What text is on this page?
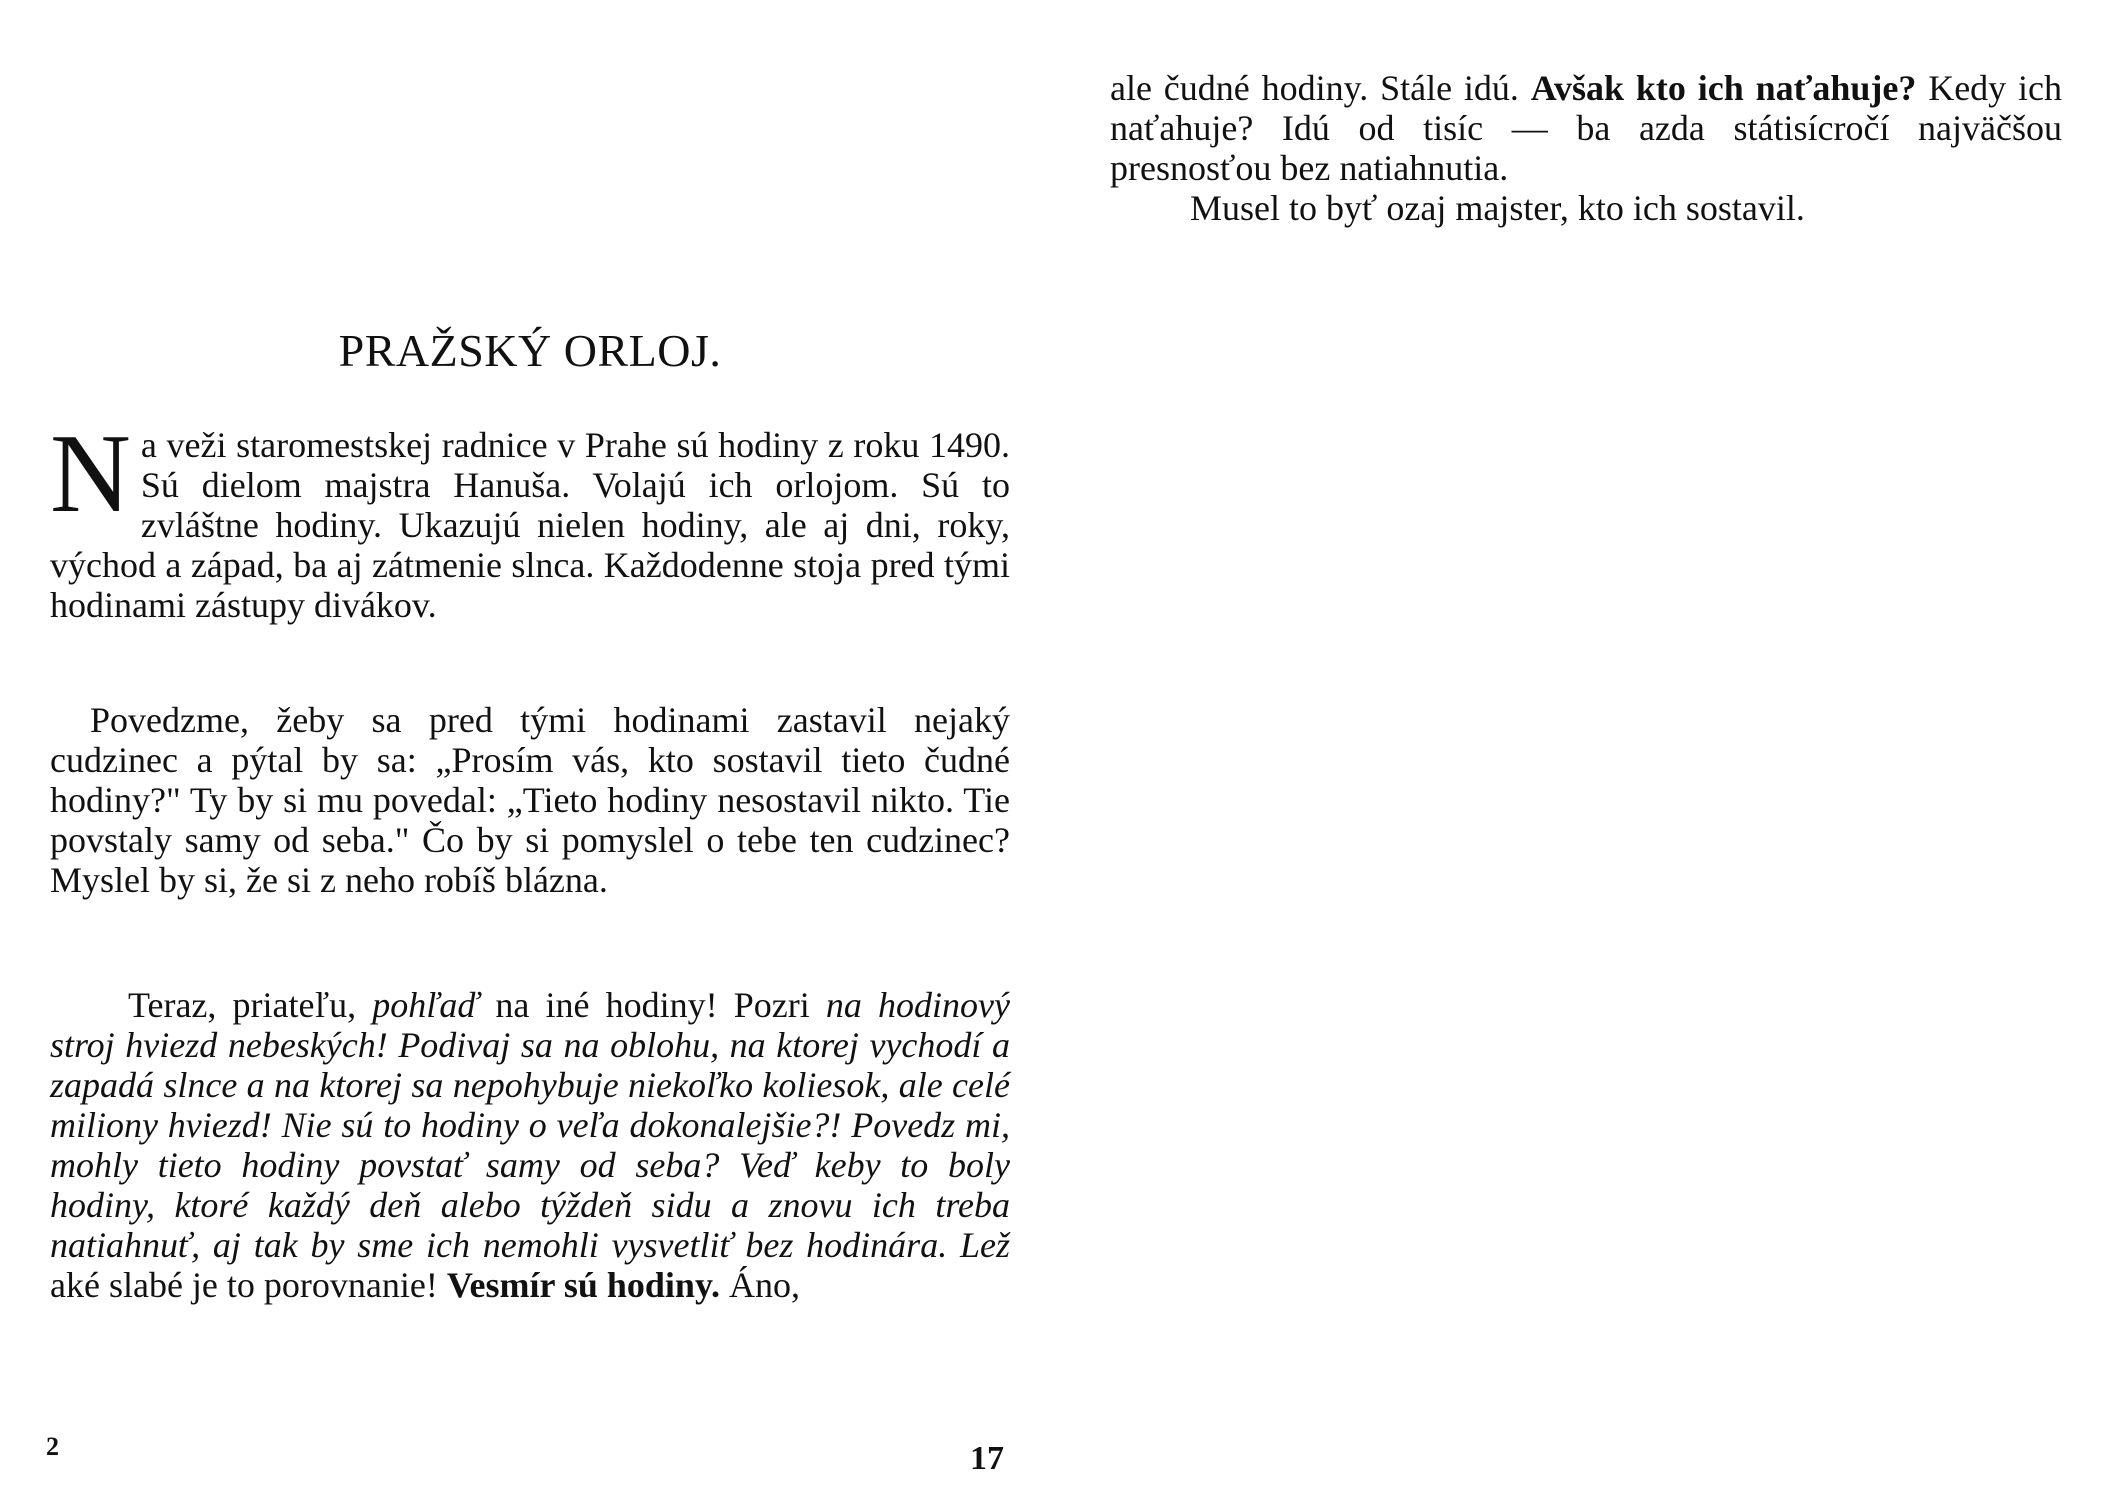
PRAŽSKÝ ORLOJ.

Na veži staromestskej radnice v Prahe sú hodiny z roku 1490. Sú dielom majstra Hanuša. Volajú ich orlojom. Sú to zvláštne hodiny. Ukazujú nielen hodiny, ale aj dni, roky, východ a západ, ba aj zátmenie slnca. Každodenne stoja pred tými hodinami zástupy divákov.

Povedzme, žeby sa pred tými hodinami zastavil nejaký cudzinec a pýtal by sa: „Prosím vás, kto sostavil tieto čudné hodiny?" Ty by si mu povedal: „Tieto hodiny nesostavil nikto. Tie povstaly samy od seba." Čo by si pomyslel o tebe ten cudzinec? Myslel by si, že si z neho robíš blázna.

Teraz, priateľu, pohľaď na iné hodiny! Pozri na hodinový stroj hviezd nebeských! Podivaj sa na oblohu, na ktorej vychodí a zapadá slnce a na ktorej sa nepohybuje niekoľko koliesok, ale celé miliony hviezd! Nie sú to hodiny o veľa dokonalejšie?! Povedz mi, mohly tieto hodiny povstať samy od seba? Veď keby to boly hodiny, ktoré každý deň alebo týždeň sidu a znovu ich treba natiahnuť, aj tak by sme ich nemohli vysvetliť bez hodinára. Lež aké slabé je to porovnanie! Vesmír sú hodiny. Áno,

2	17

ale čudné hodiny. Stále idú. Avšak kto ich naťahuje? Kedy ich naťahuje? Idú od tisíc — ba azda státisícročí najväčšou presnosťou bez natiahnutia.

Musel to byť ozaj majster, kto ich sostavil.
